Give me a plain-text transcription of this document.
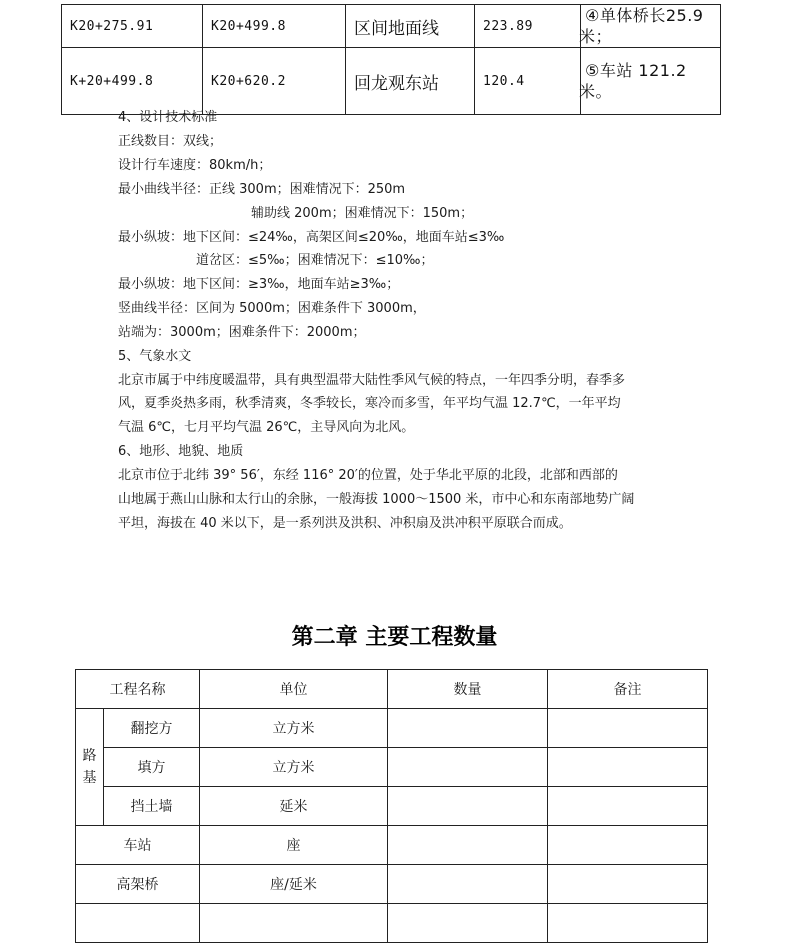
K20+275.91	K20+499.8	区间地面线	223.89	④单体桥长25.9 米；

K+20+499.8	K20+620.2	回龙观东站	120.4	⑤车站 121.2 米。
4、设计技术标准
正线数目：双线；
设计行车速度：80km/h；
最小曲线半径：正线 300m；困难情况下：250m
辅助线 200m；困难情况下：150m；
最小纵坡：地下区间：≤24‰，高架区间≤20‰，地面车站≤3‰
道岔区：≤5‰；困难情况下：≤10‰；
最小纵坡：地下区间：≥3‰，地面车站≥3‰；
竖曲线半径：区间为 5000m；困难条件下 3000m，
站端为：3000m；困难条件下：2000m；
5、气象水文
北京市属于中纬度暖温带，具有典型温带大陆性季风气候的特点，一年四季分明，春季多
风，夏季炎热多雨，秋季清爽，冬季较长，寒冷而多雪，年平均气温 12.7℃，一年平均
气温 6℃，七月平均气温 26℃，主导风向为北风。
6、地形、地貌、地质
北京市位于北纬 39° 56′，东经 116° 20′的位置，处于华北平原的北段，北部和西部的
山地属于燕山山脉和太行山的余脉，一般海拔 1000～1500 米，市中心和东南部地势广阔
平坦，海拔在 40 米以下，是一系列洪及洪积、冲积扇及洪冲积平原联合而成。
第二章 主要工程数量
工程名称		单位	数量	备注
路
基	翻挖方	立方米		
	填方	立方米		
	挡土墙	延米		
车站		座		
高架桥		座/延米		
